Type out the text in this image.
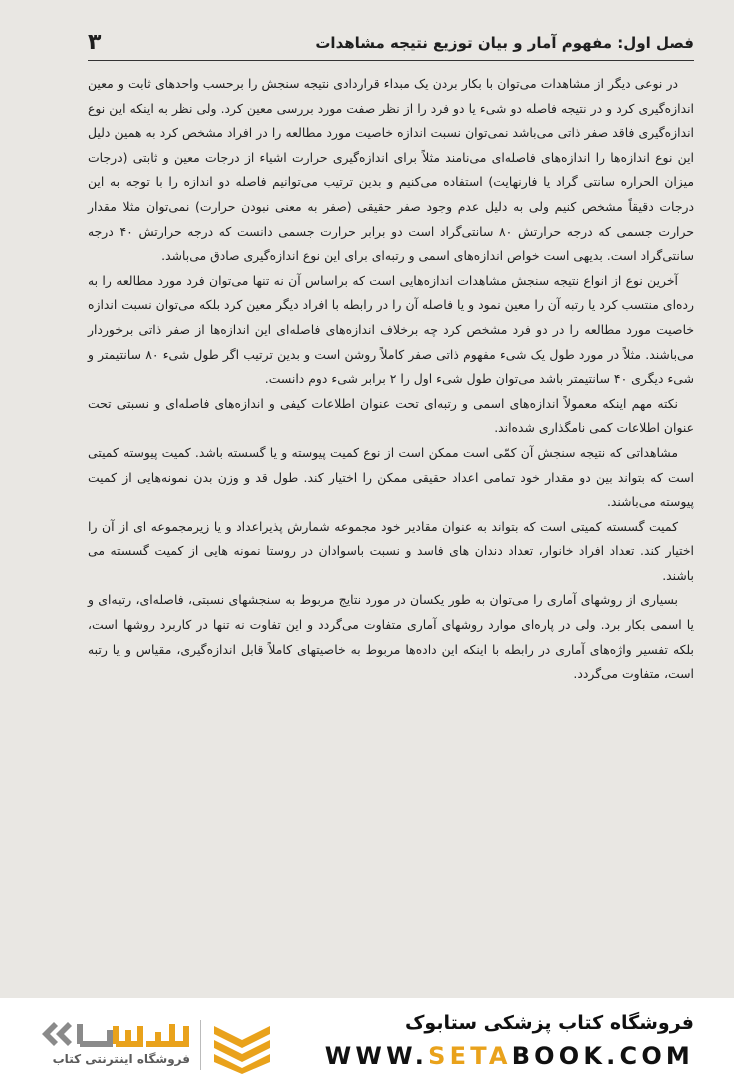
فصل اول: مفهوم آمار و بیان توزیع نتیجه مشاهدات
۳

در نوعی دیگر از مشاهدات می‌توان با بکار بردن یک مبداء قراردادی نتیجه سنجش را برحسب واحدهای ثابت و معین اندازه‌گیری کرد و در نتیجه فاصله دو شیء یا دو فرد را از نظر صفت مورد بررسی معین کرد. ولی نظر به اینکه این نوع اندازه‌گیری فاقد صفر ذاتی می‌باشد نمی‌توان نسبت اندازه خاصیت مورد مطالعه را در افراد مشخص کرد به همین دلیل این نوع اندازه‌ها را اندازه‌های فاصله‌ای می‌نامند مثلاً برای اندازه‌گیری حرارت اشیاء از درجات معین و ثابتی (درجات میزان الحراره سانتی گراد یا فارنهایت) استفاده می‌کنیم و بدین ترتیب می‌توانیم فاصله دو اندازه را با توجه به این درجات دقیقاً مشخص کنیم ولی به دلیل عدم وجود صفر حقیقی (صفر به معنی نبودن حرارت) نمی‌توان مثلا مقدار حرارت جسمی که درجه حرارتش ۸۰ سانتی‌گراد است دو برابر حرارت جسمی دانست که درجه حرارتش ۴۰ درجه سانتی‌گراد است. بدیهی است خواص اندازه‌های اسمی و رتبه‌ای برای این نوع اندازه‌گیری صادق می‌باشد.

آخرین نوع از انواع نتیجه سنجش مشاهدات اندازه‌هایی است که براساس آن نه تنها می‌توان فرد مورد مطالعه را به رده‌ای منتسب کرد یا رتبه آن را معین نمود و یا فاصله آن را در رابطه با افراد دیگر معین کرد بلکه می‌توان نسبت اندازه خاصیت مورد مطالعه را در دو فرد مشخص کرد چه برخلاف اندازه‌های فاصله‌ای این اندازه‌ها از صفر ذاتی برخوردار می‌باشند. مثلاً در مورد طول یک شیء مفهوم ذاتی صفر کاملاً روشن است و بدین ترتیب اگر طول شیء ۸۰ سانتیمتر و شیء دیگری ۴۰ سانتیمتر باشد می‌توان طول شیء اول را ۲ برابر شیء دوم دانست.

نکته مهم اینکه معمولاً اندازه‌های اسمی و رتبه‌ای تحت عنوان اطلاعات کیفی و اندازه‌های فاصله‌ای و نسبتی تحت عنوان اطلاعات کمی نامگذاری شده‌اند.

مشاهداتی که نتیجه سنجش آن کمّی است ممکن است از نوع کمیت پیوسته و یا گسسته باشد. کمیت پیوسته کمیتی است که بتواند بین دو مقدار خود تمامی اعداد حقیقی ممکن را اختیار کند. طول قد و وزن بدن نمونه‌هایی از کمیت پیوسته می‌باشند.

کمیت گسسته کمیتی است که بتواند به عنوان مقادیر خود مجموعه شمارش پذیراعداد و یا زیرمجموعه ای از آن را اختیار کند. تعداد افراد خانوار، تعداد دندان های فاسد و نسبت باسوادان در روستا نمونه هایی از کمیت گسسته می باشند.

بسیاری از روشهای آماری را می‌توان به طور یکسان در مورد نتایج مربوط به سنجشهای نسبتی، فاصله‌ای، رتبه‌ای و یا اسمی بکار برد. ولی در پاره‌ای موارد روشهای آماری متفاوت می‌گردد و این تفاوت نه تنها در کاربرد روشها است، بلکه تفسیر واژه‌های آماری در رابطه با اینکه این داده‌ها مربوط به خاصیتهای کاملاً قابل اندازه‌گیری، مقیاس و یا رتبه است، متفاوت می‌گردد.

فروشگاه کتاب پزشکی ستابوک
WWW.SETABOOK.COM
فروشگاه اینترنتی کتاب
